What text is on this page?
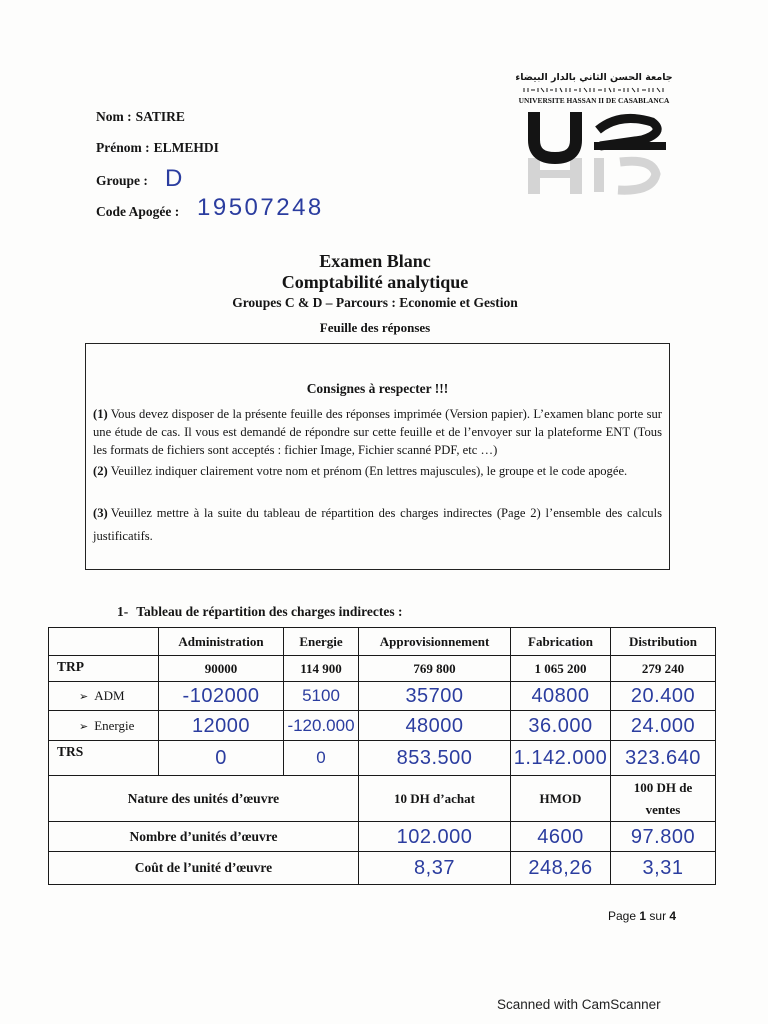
جامعة الحسن الثاني بالدار البيضاء
UNIVERSITE HASSAN II DE CASABLANCA
Nom : SATIRE
Prénom : ELMEHDI
Groupe : D
Code Apogée : 19507248
Examen Blanc
Comptabilité analytique
Groupes C & D – Parcours : Economie et Gestion
Feuille des réponses
Consignes à respecter !!!

(1) Vous devez disposer de la présente feuille des réponses imprimée (Version papier). L’examen blanc porte sur une étude de cas. Il vous est demandé de répondre sur cette feuille et de l’envoyer sur la plateforme ENT (Tous les formats de fichiers sont acceptés : fichier Image, Fichier scanné PDF, etc …)

(2) Veuillez indiquer clairement votre nom et prénom (En lettres majuscules), le groupe et le code apogée.

(3) Veuillez mettre à la suite du tableau de répartition des charges indirectes (Page 2) l’ensemble des calculs justificatifs.

1- Tableau de répartition des charges indirectes :
	Administration	Energie	Approvisionnement	Fabrication	Distribution
TRP	90000	114 900	769 800	1 065 200	279 240
➢ ADM	-102000	5100	35700	40800	20.400
➢ Energie	12000	-120.000	48000	36.000	24.000
TRS	0	0	853.500	1.142.000	323.640
Nature des unités d’œuvre			10 DH d’achat	HMOD	100 DH de ventes
Nombre d’unités d’œuvre			102.000	4600	97.800
Coût de l’unité d’œuvre			8,37	248,26	3,31
Page 1 sur 4
Scanned with CamScanner
